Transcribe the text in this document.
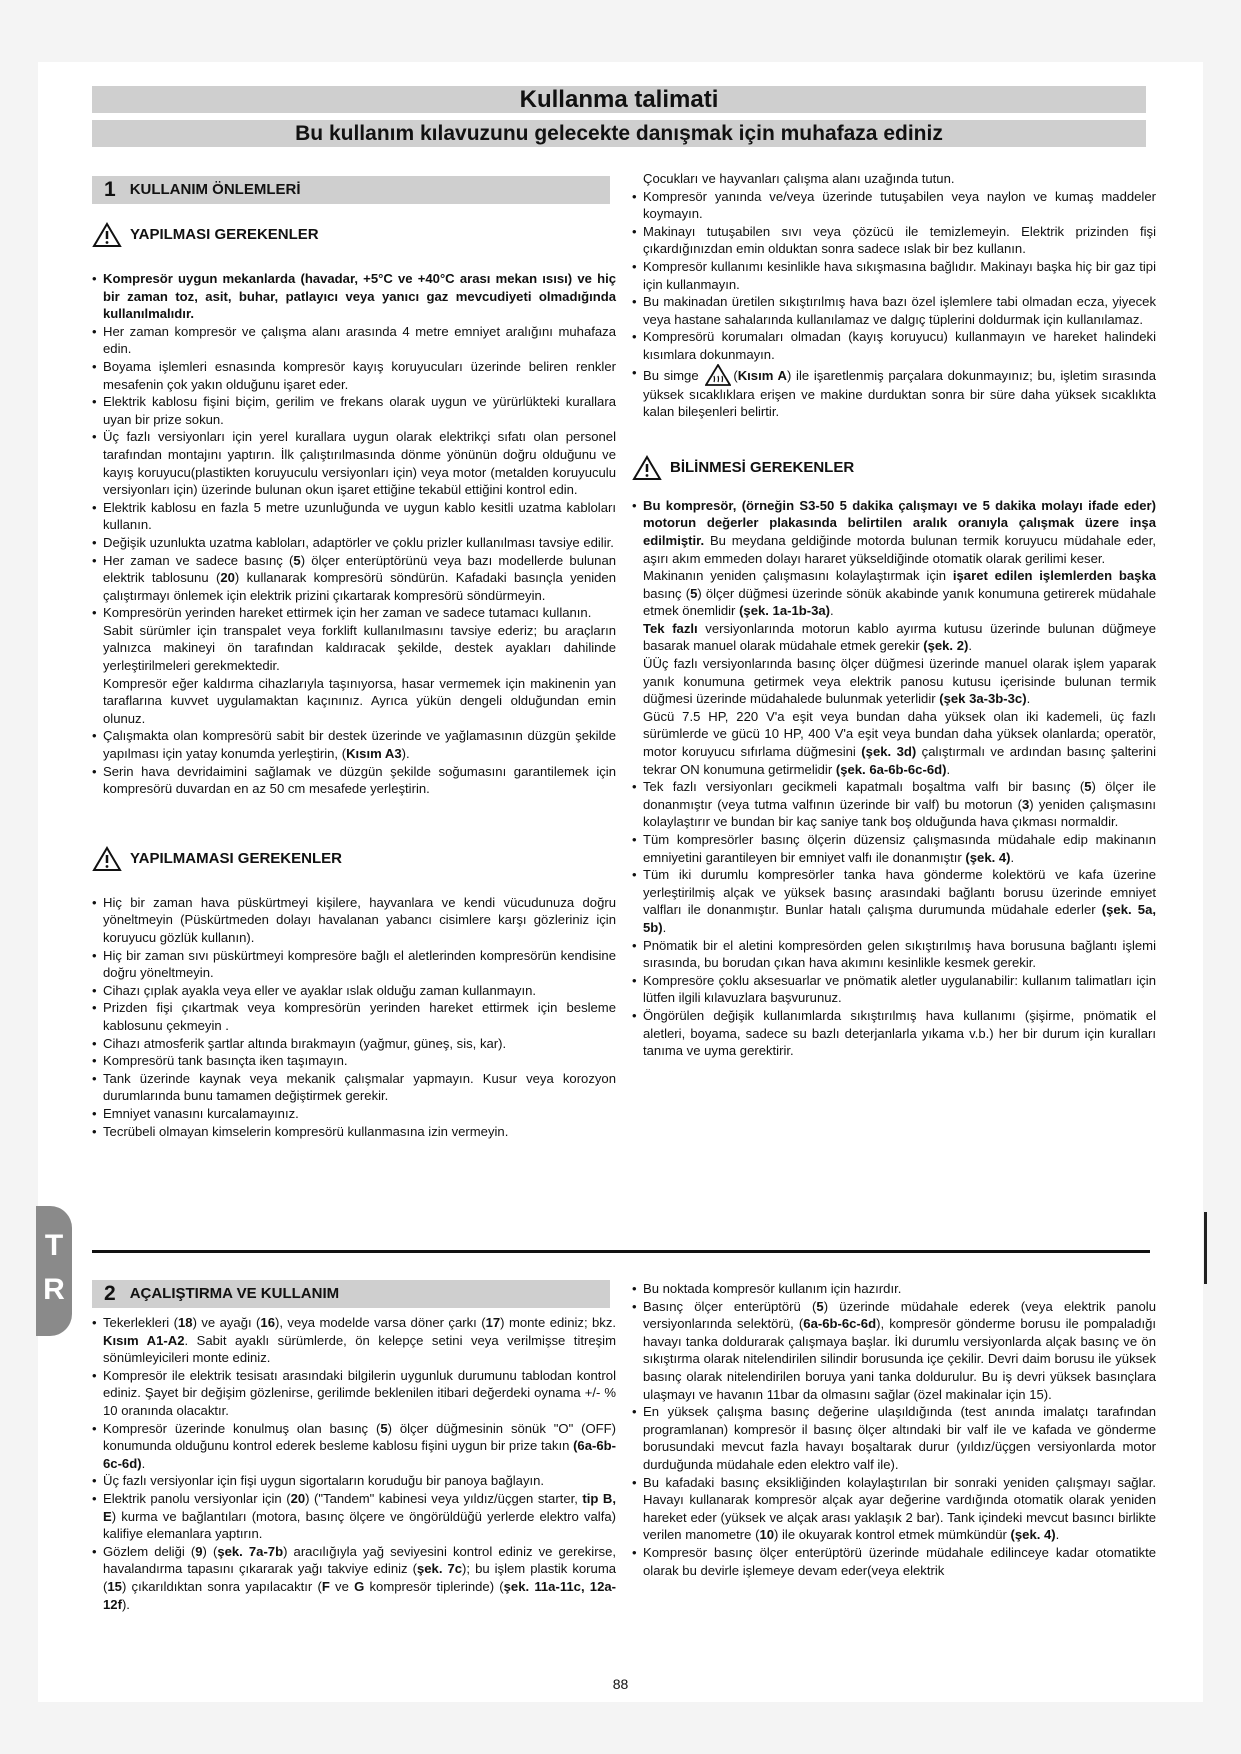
Kullanma talimati
Bu kullanım kılavuzunu gelecekte danışmak için muhafaza ediniz
1 KULLANIM ÖNLEMLERİ
YAPILMASI GEREKENLER
• Kompresör uygun mekanlarda (havadar, +5°C ve +40°C arası mekan ısısı) ve hiç bir zaman toz, asit, buhar, patlayıcı veya yanıcı gaz mevcudiyeti olmadığında kullanılmalıdır.
• Her zaman kompresör ve çalışma alanı arasında 4 metre emniyet aralığını muhafaza edin.
• Boyama işlemleri esnasında kompresör kayış koruyucuları üzerinde beliren renkler mesafenin çok yakın olduğunu işaret eder.
• Elektrik kablosu fişini biçim, gerilim ve frekans olarak uygun ve yürürlükteki kurallara uyan bir prize sokun.
• Üç fazlı versiyonları için yerel kurallara uygun olarak elektrikçi sıfatı olan personel tarafından montajını yaptırın. İlk çalıştırılmasında dönme yönünün doğru olduğunu ve kayış koruyucu(plastikten koruyuculu versiyonları için) veya motor (metalden koruyuculu versiyonları için) üzerinde bulunan okun işaret ettiğine tekabül ettiğini kontrol edin.
• Elektrik kablosu en fazla 5 metre uzunluğunda ve uygun kablo kesitli uzatma kabloları kullanın.
• Değişik uzunlukta uzatma kabloları, adaptörler ve çoklu prizler kullanılması tavsiye edilir.
• Her zaman ve sadece basınç (5) ölçer enterüptörünü veya bazı modellerde bulunan elektrik tablosunu (20) kullanarak kompresörü söndürün. Kafadaki basınçla yeniden çalıştırmayı önlemek için elektrik prizini çıkartarak kompresörü söndürmeyin.
• Kompresörün yerinden hareket ettirmek için her zaman ve sadece tutamacı kullanın.
Sabit sürümler için transpalet veya forklift kullanılmasını tavsiye ederiz; bu araçların yalnızca makineyi ön tarafından kaldıracak şekilde, destek ayakları dahilinde yerleştirilmeleri gerekmektedir.
Kompresör eğer kaldırma cihazlarıyla taşınıyorsa, hasar vermemek için makinenin yan taraflarına kuvvet uygulamaktan kaçınınız. Ayrıca yükün dengeli olduğundan emin olunuz.
• Çalışmakta olan kompresörü sabit bir destek üzerinde ve yağlamasının düzgün şekilde yapılması için yatay konumda yerleştirin, (Kısım A3).
• Serin hava devridaimini sağlamak ve düzgün şekilde soğumasını garantilemek için kompresörü duvardan en az 50 cm mesafede yerleştirin.
YAPILMAMASI GEREKENLER
• Hiç bir zaman hava püskürtmeyi kişilere, hayvanlara ve kendi vücudunuza doğru yöneltmeyin (Püskürtmeden dolayı havalanan yabancı cisimlere karşı gözleriniz için koruyucu gözlük kullanın).
• Hiç bir zaman sıvı püskürtmeyi kompresöre bağlı el aletlerinden kompresörün kendisine doğru yöneltmeyin.
• Cihazı çıplak ayakla veya eller ve ayaklar ıslak olduğu zaman kullanmayın.
• Prizden fişi çıkartmak veya kompresörün yerinden hareket ettirmek için besleme kablosunu çekmeyin .
• Cihazı atmosferik şartlar altında bırakmayın (yağmur, güneş, sis, kar).
• Kompresörü tank basınçta iken taşımayın.
• Tank üzerinde kaynak veya mekanik çalışmalar yapmayın. Kusur veya korozyon durumlarında bunu tamamen değiştirmek gerekir.
• Emniyet vanasını kurcalamayınız.
• Tecrübeli olmayan kimselerin kompresörü kullanmasına izin vermeyin.
Çocukları ve hayvanları çalışma alanı uzağında tutun.
• Kompresör yanında ve/veya üzerinde tutuşabilen veya naylon ve kumaş maddeler koymayın.
• Makinayı tutuşabilen sıvı veya çözücü ile temizlemeyin. Elektrik prizinden fişi çıkardığınızdan emin olduktan sonra sadece ıslak bir bez kullanın.
• Kompresör kullanımı kesinlikle hava sıkışmasına bağlıdır. Makinayı başka hiç bir gaz tipi için kullanmayın.
• Bu makinadan üretilen sıkıştırılmış hava bazı özel işlemlere tabi olmadan ecza, yiyecek veya hastane sahalarında kullanılamaz ve dalgıç tüplerini doldurmak için kullanılamaz.
• Kompresörü korumaları olmadan (kayış koruyucu) kullanmayın ve hareket halindeki kısımlara dokunmayın.
• Bu simge (Kısım A) ile işaretlenmiş parçalara dokunmayınız; bu, işletim sırasında yüksek sıcaklıklara erişen ve makine durduktan sonra bir süre daha yüksek sıcaklıkta kalan bileşenleri belirtir.
BİLİNMESİ GEREKENLER
• Bu kompresör, (örneğin S3-50 5 dakika çalışmayı ve 5 dakika molayı ifade eder) motorun değerler plakasında belirtilen aralık oranıyla çalışmak üzere inşa edilmiştir. Bu meydana geldiğinde motorda bulunan termik koruyucu müdahale eder, aşırı akım emmeden dolayı hararet yükseldiğinde otomatik olarak gerilimi keser.
Makinanın yeniden çalışmasını kolaylaştırmak için işaret edilen işlemlerden başka basınç (5) ölçer düğmesi üzerinde sönük akabinde yanık konumuna getirerek müdahale etmek önemlidir (şek. 1a-1b-3a).
Tek fazlı versiyonlarında motorun kablo ayırma kutusu üzerinde bulunan düğmeye basarak manuel olarak müdahale etmek gerekir (şek. 2).
ÜÜç fazlı versiyonlarında basınç ölçer düğmesi üzerinde manuel olarak işlem yaparak yanık konumuna getirmek veya elektrik panosu kutusu içerisinde bulunan termik düğmesi üzerinde müdahalede bulunmak yeterlidir (şek 3a-3b-3c).
Gücü 7.5 HP, 220 V'a eşit veya bundan daha yüksek olan iki kademeli, üç fazlı sürümlerde ve gücü 10 HP, 400 V'a eşit veya bundan daha yüksek olanlarda; operatör, motor koruyucu sıfırlama düğmesini (şek. 3d) çalıştırmalı ve ardından basınç şalterini tekrar ON konumuna getirmelidir (şek. 6a-6b-6c-6d).
• Tek fazlı versiyonları gecikmeli kapatmalı boşaltma valfı bir basınç (5) ölçer ile donanmıştır (veya tutma valfının üzerinde bir valf) bu motorun (3) yeniden çalışmasını kolaylaştırır ve bundan bir kaç saniye tank boş olduğunda hava çıkması normaldir.
• Tüm kompresörler basınç ölçerin düzensiz çalışmasında müdahale edip makinanın emniyetini garantileyen bir emniyet valfı ile donanmıştır (şek. 4).
• Tüm iki durumlu kompresörler tanka hava gönderme kolektörü ve kafa üzerine yerleştirilmiş alçak ve yüksek basınç arasındaki bağlantı borusu üzerinde emniyet valfları ile donanmıştır. Bunlar hatalı çalışma durumunda müdahale ederler (şek. 5a, 5b).
• Pnömatik bir el aletini kompresörden gelen sıkıştırılmış hava borusuna bağlantı işlemi sırasında, bu borudan çıkan hava akımını kesinlikle kesmek gerekir.
• Kompresöre çoklu aksesuarlar ve pnömatik aletler uygulanabilir: kullanım talimatları için lütfen ilgili kılavuzlara başvurunuz.
• Öngörülen değişik kullanımlarda sıkıştırılmış hava kullanımı (şişirme, pnömatik el aletleri, boyama, sadece su bazlı deterjanlarla yıkama v.b.) her bir durum için kuralları tanıma ve uyma gerektirir.
T
R	2 AÇALIŞTIRMA VE KULLANIM
• Tekerlekleri (18) ve ayağı (16), veya modelde varsa döner çarkı (17) monte ediniz; bkz. Kısım A1-A2. Sabit ayaklı sürümlerde, ön kelepçe setini veya verilmişse titreşim sönümleyicileri monte ediniz.
• Kompresör ile elektrik tesisatı arasındaki bilgilerin uygunluk durumunu tablodan kontrol ediniz. Şayet bir değişim gözlenirse, gerilimde beklenilen itibari değerdeki oynama +/- % 10 oranında olacaktır.
• Kompresör üzerinde konulmuş olan basınç (5) ölçer düğmesinin sönük "O" (OFF) konumunda olduğunu kontrol ederek besleme kablosu fişini uygun bir prize takın (6a-6b-6c-6d).
• Üç fazlı versiyonlar için fişi uygun sigortaların koruduğu bir panoya bağlayın.
• Elektrik panolu versiyonlar için (20) ("Tandem" kabinesi veya yıldız/üçgen starter, tip B, E) kurma ve bağlantıları (motora, basınç ölçere ve öngörüldüğü yerlerde elektro valfa) kalifiye elemanlara yaptırın.
• Gözlem deliği (9) (şek. 7a-7b) aracılığıyla yağ seviyesini kontrol ediniz ve gerekirse, havalandırma tapasını çıkararak yağı takviye ediniz (şek. 7c); bu işlem plastik koruma (15) çıkarıldıktan sonra yapılacaktır (F ve G kompresör tiplerinde) (şek. 11a-11c, 12a-12f).
• Bu noktada kompresör kullanım için hazırdır.
• Basınç ölçer enterüptörü (5) üzerinde müdahale ederek (veya elektrik panolu versiyonlarında selektörü, (6a-6b-6c-6d), kompresör gönderme borusu ile pompaladığı havayı tanka doldurarak çalışmaya başlar. İki durumlu versiyonlarda alçak basınç ve ön sıkıştırma olarak nitelendirilen silindir borusunda içe çekilir. Devri daim borusu ile yüksek basınç olarak nitelendirilen boruya yani tanka doldurulur. Bu iş devri yüksek basınçlara ulaşmayı ve havanın 11bar da olmasını sağlar (özel makinalar için 15).
• En yüksek çalışma basınç değerine ulaşıldığında (test anında imalatçı tarafından programlanan) kompresör il basınç ölçer altındaki bir valf ile ve kafada ve gönderme borusundaki mevcut fazla havayı boşaltarak durur (yıldız/üçgen versiyonlarda motor durduğunda müdahale eden elektro valf ile).
• Bu kafadaki basınç eksikliğinden kolaylaştırılan bir sonraki yeniden çalışmayı sağlar. Havayı kullanarak kompresör alçak ayar değerine vardığında otomatik olarak yeniden hareket eder (yüksek ve alçak arası yaklaşık 2 bar). Tank içindeki mevcut basıncı birlikte verilen manometre (10) ile okuyarak kontrol etmek mümkündür (şek. 4).
• Kompresör basınç ölçer enterüptörü üzerinde müdahale edilinceye kadar otomatikte olarak bu devirle işlemeye devam eder(veya elektrik
88
